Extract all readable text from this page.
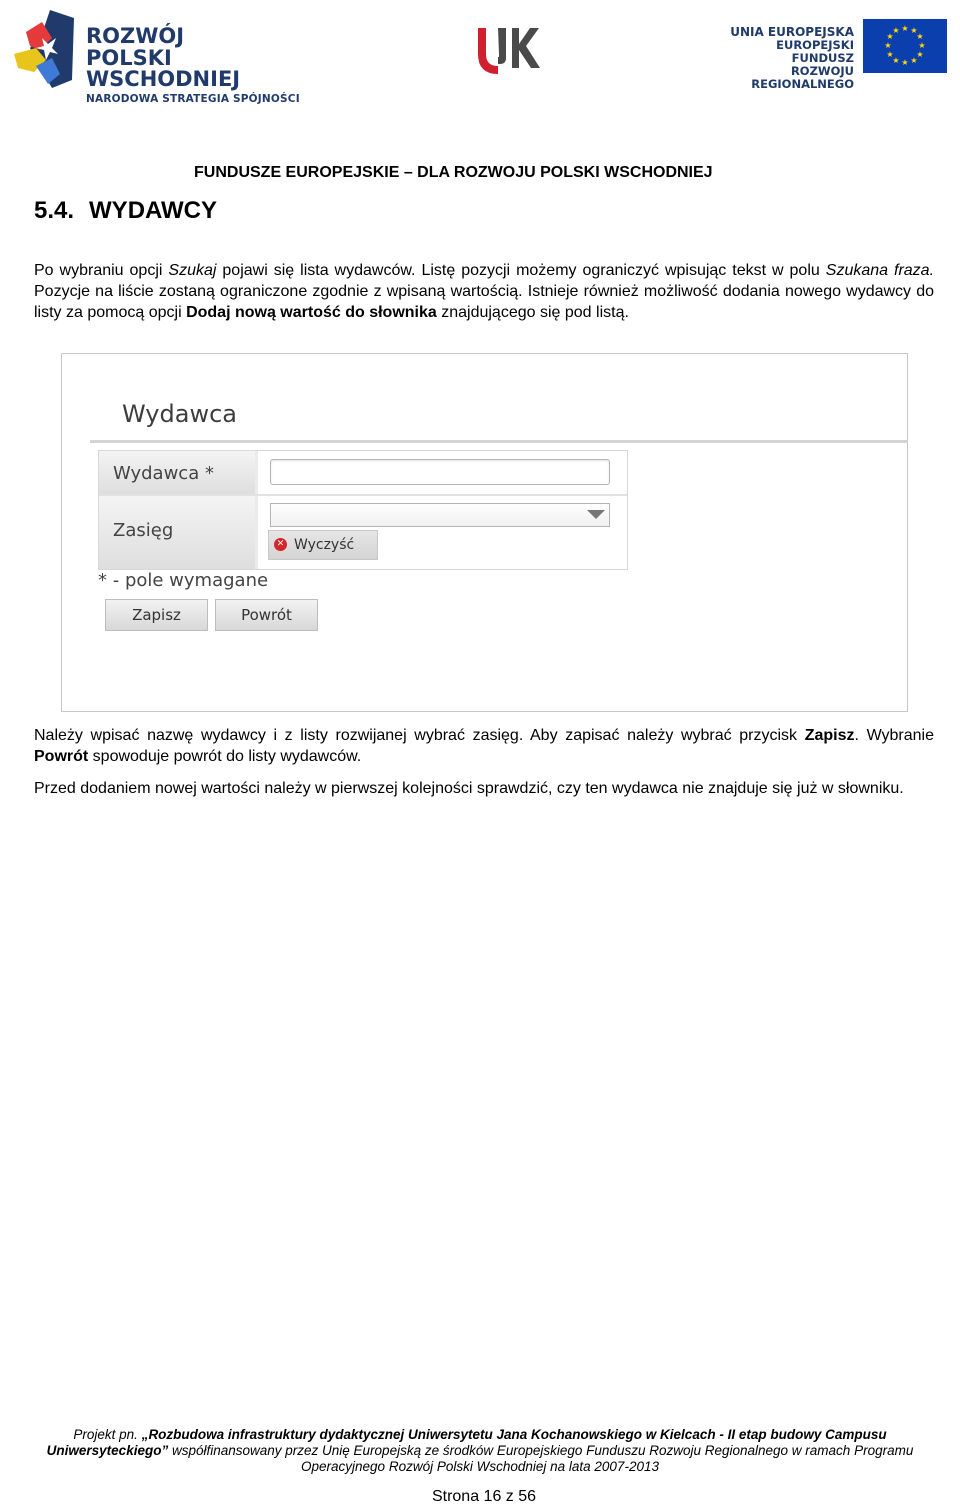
ROZWÓJ
POLSKI WSCHODNIEJ
NARODOWA STRATEGIA SPÓJNOŚCI
UNIA EUROPEJSKA
EUROPEJSKI FUNDUSZ
ROZWOJU REGIONALNEGO
★ ★
★
★
★
★
★
★
★
★
★
★
FUNDUSZE EUROPEJSKIE – DLA ROZWOJU POLSKI WSCHODNIEJ
5.4. WYDAWCY
Po wybraniu opcji Szukaj pojawi się lista wydawców. Listę pozycji możemy ograniczyć wpisując tekst w polu Szukana fraza. Pozycje na liście zostaną ograniczone zgodnie z wpisaną wartością. Istnieje również możliwość dodania nowego wydawcy do listy za pomocą opcji Dodaj nową wartość do słownika znajdującego się pod listą.
Wydawca
Wydawca *
Zasięg
✕ Wyczyść
* - pole wymagane
Zapisz	Powrót
Należy wpisać nazwę wydawcy i z listy rozwijanej wybrać zasięg. Aby zapisać należy wybrać przycisk Zapisz. Wybranie Powrót spowoduje powrót do listy wydawców.
Przed dodaniem nowej wartości należy w pierwszej kolejności sprawdzić, czy ten wydawca nie znajduje się już w słowniku.
Projekt pn. „Rozbudowa infrastruktury dydaktycznej Uniwersytetu Jana Kochanowskiego w Kielcach - II etap budowy Campusu Uniwersyteckiego” współfinansowany przez Unię Europejską ze środków Europejskiego Funduszu Rozwoju Regionalnego w ramach Programu Operacyjnego Rozwój Polski Wschodniej na lata 2007-2013
Strona 16 z 56
